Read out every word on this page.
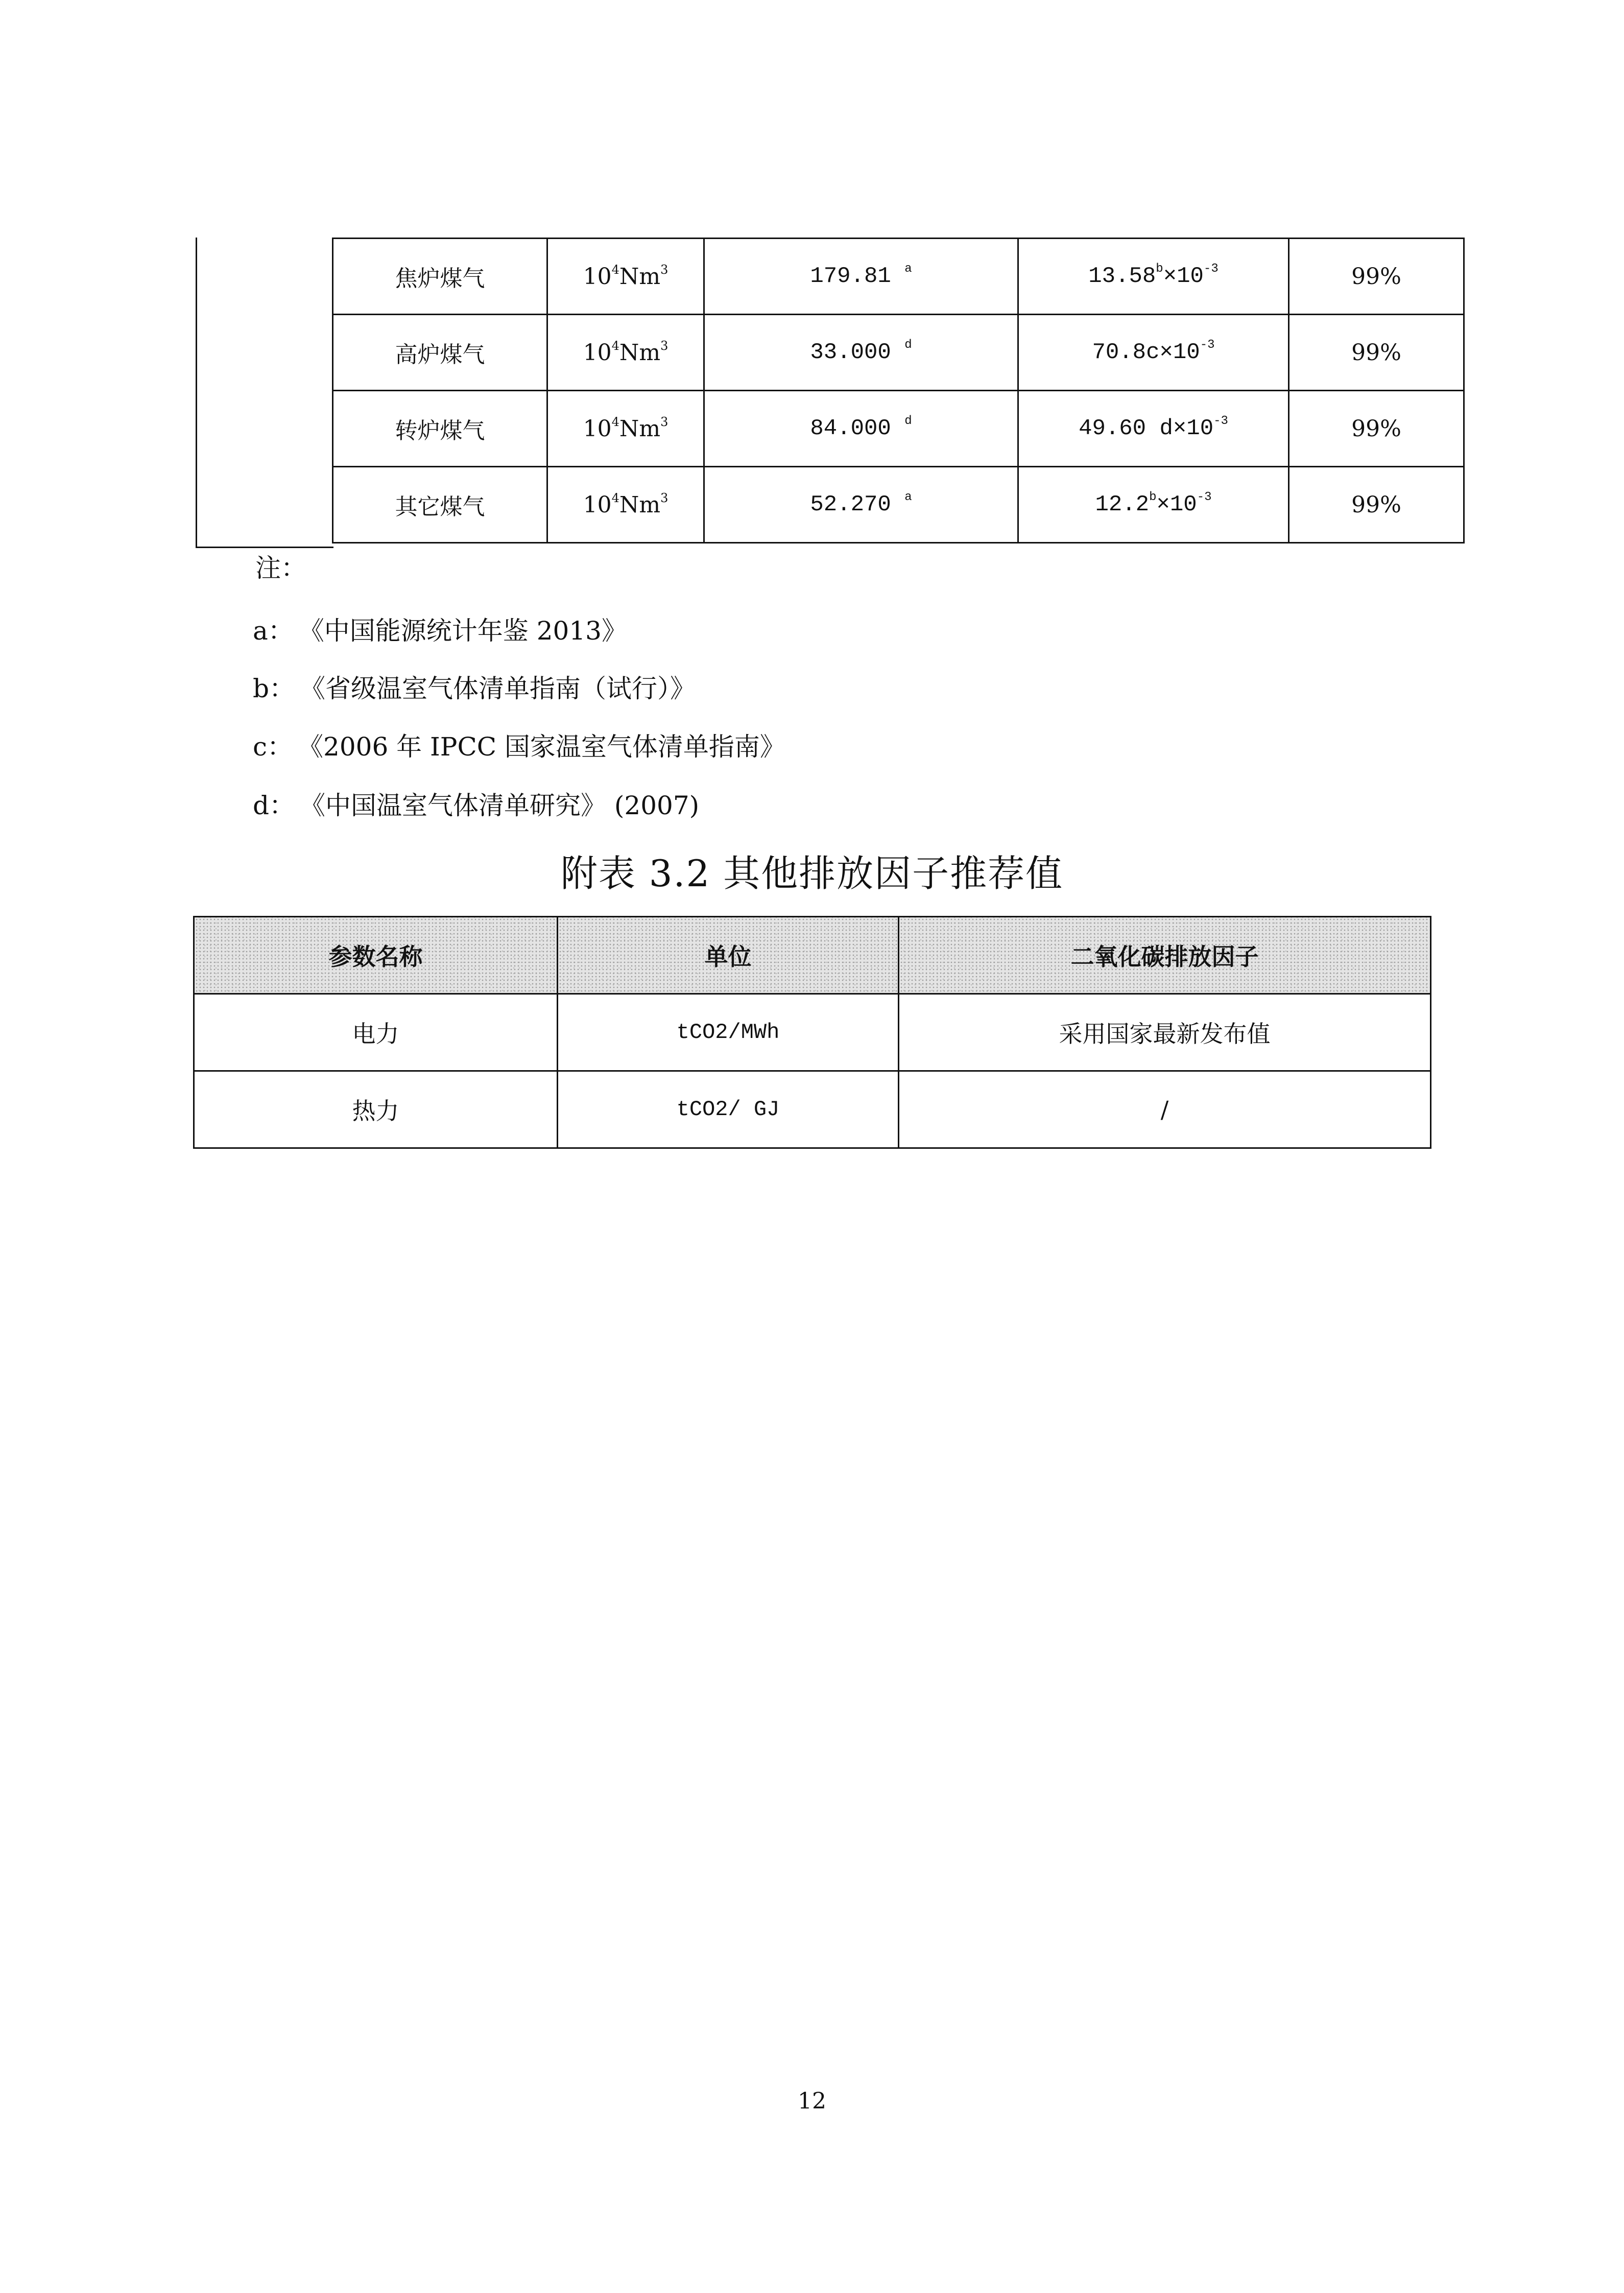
焦炉煤气	$10^4Nm^3$	179.81 $^a$	$13.58^b\times 10^{-3}$	99%
高炉煤气	$10^4Nm^3$	33.000 $^d$	$70.8c\times 10^{-3}$	99%
转炉煤气	$10^4Nm^3$	84.000 $^d$	49.60 $d\times 10^{-3}$	99%
其它煤气	$10^4Nm^3$	52.270 $^a$	$12.2^b\times 10^{-3}$	99%
注：
a： 《中国能源统计年鉴 2013》
b： 《省级温室气体清单指南（试行）》
c： 《2006 年 IPCC 国家温室气体清单指南》
d： 《中国温室气体清单研究》 (2007)
附表 3.2 其他排放因子推荐值
参数名称	单位	二氧化碳排放因子
电力	tCO2/MWh	采用国家最新发布值
热力	tCO2/ GJ	/
12
